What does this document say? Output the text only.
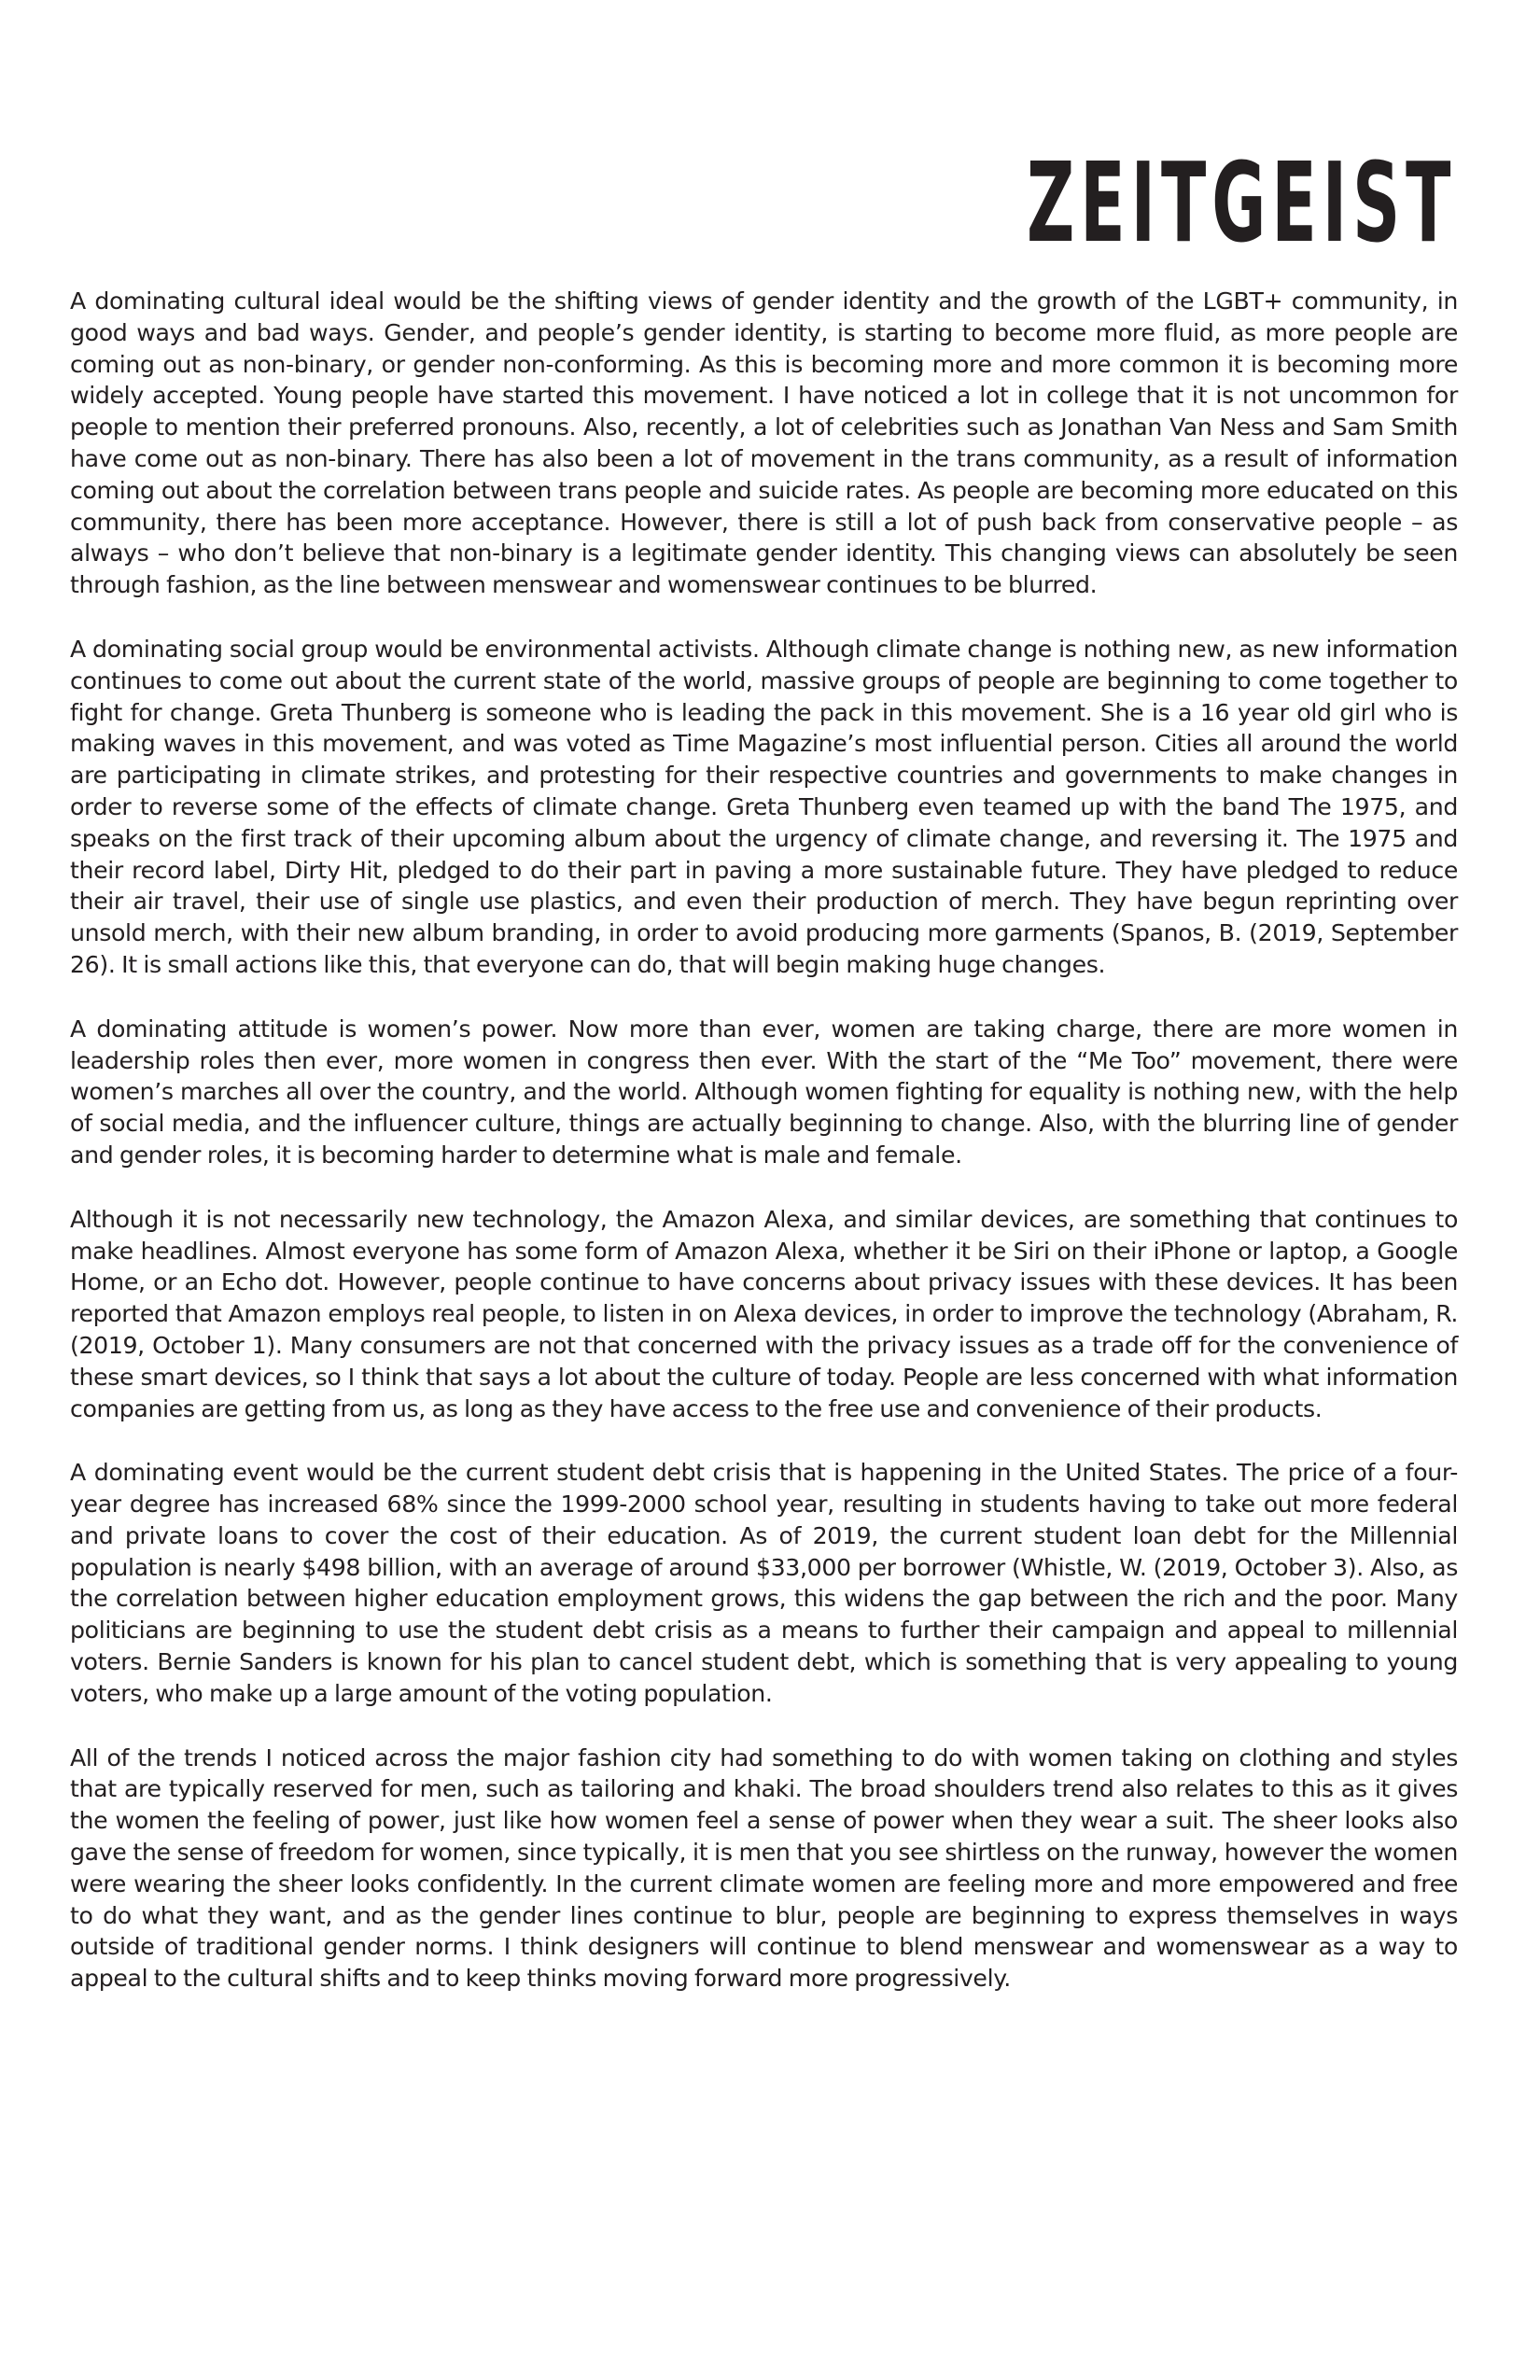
ZEITGEIST

A dominating cultural ideal would be the shifting views of gender identity and the growth of the LGBT+ community, in good ways and bad ways. Gender, and people’s gender identity, is starting to become more fluid, as more people are coming out as non-binary, or gender non-conforming. As this is becoming more and more common it is becoming more widely accepted. Young people have started this movement. I have noticed a lot in college that it is not uncommon for people to mention their preferred pronouns. Also, recently, a lot of celebrities such as Jonathan Van Ness and Sam Smith have come out as non-binary. There has also been a lot of movement in the trans community, as a result of information coming out about the correlation between trans people and suicide rates. As people are becoming more educated on this community, there has been more acceptance. However, there is still a lot of push back from conservative people – as always – who don’t believe that non-binary is a legitimate gender identity. This changing views can absolutely be seen through fashion, as the line between menswear and womenswear continues to be blurred.

A dominating social group would be environmental activists. Although climate change is nothing new, as new information continues to come out about the current state of the world, massive groups of people are beginning to come together to fight for change. Greta Thunberg is someone who is leading the pack in this movement. She is a 16 year old girl who is making waves in this movement, and was voted as Time Magazine’s most influential person. Cities all around the world are participating in climate strikes, and protesting for their respective countries and governments to make changes in order to reverse some of the effects of climate change. Greta Thunberg even teamed up with the band The 1975, and speaks on the first track of their upcoming album about the urgency of climate change, and reversing it. The 1975 and their record label, Dirty Hit, pledged to do their part in paving a more sustainable future. They have pledged to reduce their air travel, their use of single use plastics, and even their production of merch. They have begun reprinting over unsold merch, with their new album branding, in order to avoid producing more garments (Spanos, B. (2019, September 26). It is small actions like this, that everyone can do, that will begin making huge changes.

A dominating attitude is women’s power. Now more than ever, women are taking charge, there are more women in leadership roles then ever, more women in congress then ever. With the start of the “Me Too” movement, there were women’s marches all over the country, and the world. Although women fighting for equality is nothing new, with the help of social media, and the influencer culture, things are actually beginning to change. Also, with the blurring line of gender and gender roles, it is becoming harder to determine what is male and female.

Although it is not necessarily new technology, the Amazon Alexa, and similar devices, are something that continues to make headlines. Almost everyone has some form of Amazon Alexa, whether it be Siri on their iPhone or laptop, a Google Home, or an Echo dot. However, people continue to have concerns about privacy issues with these devices. It has been reported that Amazon employs real people, to listen in on Alexa devices, in order to improve the technology (Abraham, R. (2019, October 1). Many consumers are not that concerned with the privacy issues as a trade off for the convenience of these smart devices, so I think that says a lot about the culture of today. People are less concerned with what information companies are getting from us, as long as they have access to the free use and convenience of their products.

A dominating event would be the current student debt crisis that is happening in the United States. The price of a four-year degree has increased 68% since the 1999-2000 school year, resulting in students having to take out more federal and private loans to cover the cost of their education. As of 2019, the current student loan debt for the Millennial population is nearly $498 billion, with an average of around $33,000 per borrower (Whistle, W. (2019, October 3). Also, as the correlation between higher education employment grows, this widens the gap between the rich and the poor. Many politicians are beginning to use the student debt crisis as a means to further their campaign and appeal to millennial voters. Bernie Sanders is known for his plan to cancel student debt, which is something that is very appealing to young voters, who make up a large amount of the voting population.

All of the trends I noticed across the major fashion city had something to do with women taking on clothing and styles that are typically reserved for men, such as tailoring and khaki. The broad shoulders trend also relates to this as it gives the women the feeling of power, just like how women feel a sense of power when they wear a suit. The sheer looks also gave the sense of freedom for women, since typically, it is men that you see shirtless on the runway, however the women were wearing the sheer looks confidently. In the current climate women are feeling more and more empowered and free to do what they want, and as the gender lines continue to blur, people are beginning to express themselves in ways outside of traditional gender norms. I think designers will continue to blend menswear and womenswear as a way to appeal to the cultural shifts and to keep thinks moving forward more progressively.
